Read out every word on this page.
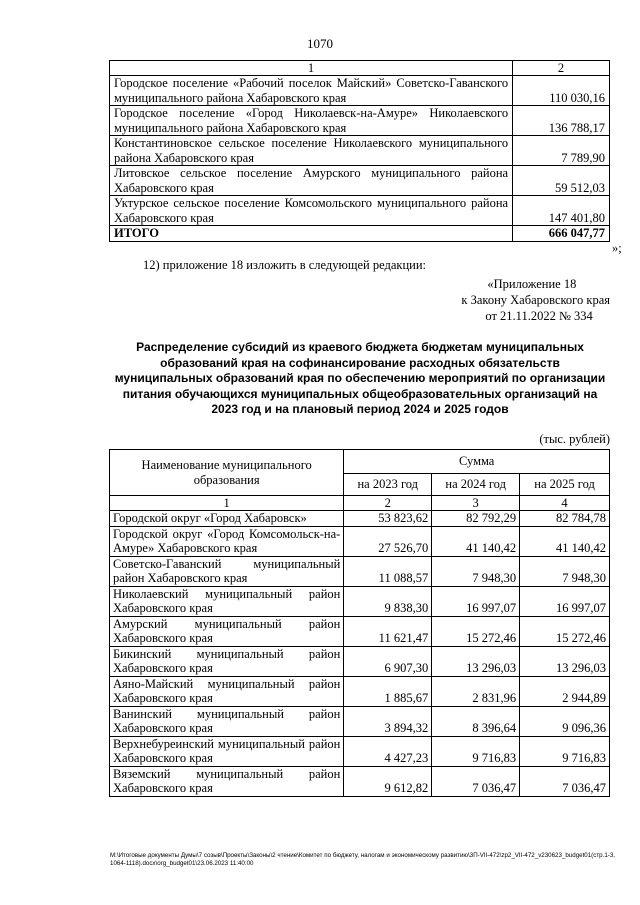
1070
1	2
Городское поселение «Рабочий поселок Майский» Советско-Гаванского муниципального района Хабаровского края	110 030,16
Городское поселение «Город Николаевск-на-Амуре» Николаевского муниципального района Хабаровского края	136 788,17
Константиновское сельское поселение Николаевского муниципального района Хабаровского края	7 789,90
Литовское сельское поселение Амурского муниципального района Хабаровского края	59 512,03
Уктурское сельское поселение Комсомольского муниципального района Хабаровского края	147 401,80
ИТОГО	666 047,77
»;
12) приложение 18 изложить в следующей редакции:
«Приложение 18
к Закону Хабаровского края
от 21.11.2022 № 334
Распределение субсидий из краевого бюджета бюджетам муниципальных образований края на софинансирование расходных обязательств муниципальных образований края по обеспечению мероприятий по организации питания обучающихся муниципальных общеобразовательных организаций на 2023 год и на плановый период 2024 и 2025 годов
(тыс. рублей)
Наименование муниципального образования	Сумма		
	на 2023 год	на 2024 год	на 2025 год
1	2	3	4
Городской округ «Город Хабаровск»	53 823,62	82 792,29	82 784,78
Городской округ «Город Комсомольск-на-Амуре» Хабаровского края	27 526,70	41 140,42	41 140,42
Советско-Гаванский муниципальный район Хабаровского края	11 088,57	7 948,30	7 948,30
Николаевский муниципальный район Хабаровского края	9 838,30	16 997,07	16 997,07
Амурский муниципальный район Хабаровского края	11 621,47	15 272,46	15 272,46
Бикинский муниципальный район Хабаровского края	6 907,30	13 296,03	13 296,03
Аяно-Майский муниципальный район Хабаровского края	1 885,67	2 831,96	2 944,89
Ванинский муниципальный район Хабаровского края	3 894,32	8 396,64	9 096,36
Верхнебуреинский муниципальный район Хабаровского края	4 427,23	9 716,83	9 716,83
Вяземский муниципальный район Хабаровского края	9 612,82	7 036,47	7 036,47
M:\Итоговые документы Думы\7 созыв\Проекты\Законы\2 чтение\Комитет по бюджету, налогам и экономическому развитию\3П-VII-472\zp2_VII-472_v230623_budget01(стр.1-3, 1064-1118).docx\org_budget01\23.06.2023 11:40:00
